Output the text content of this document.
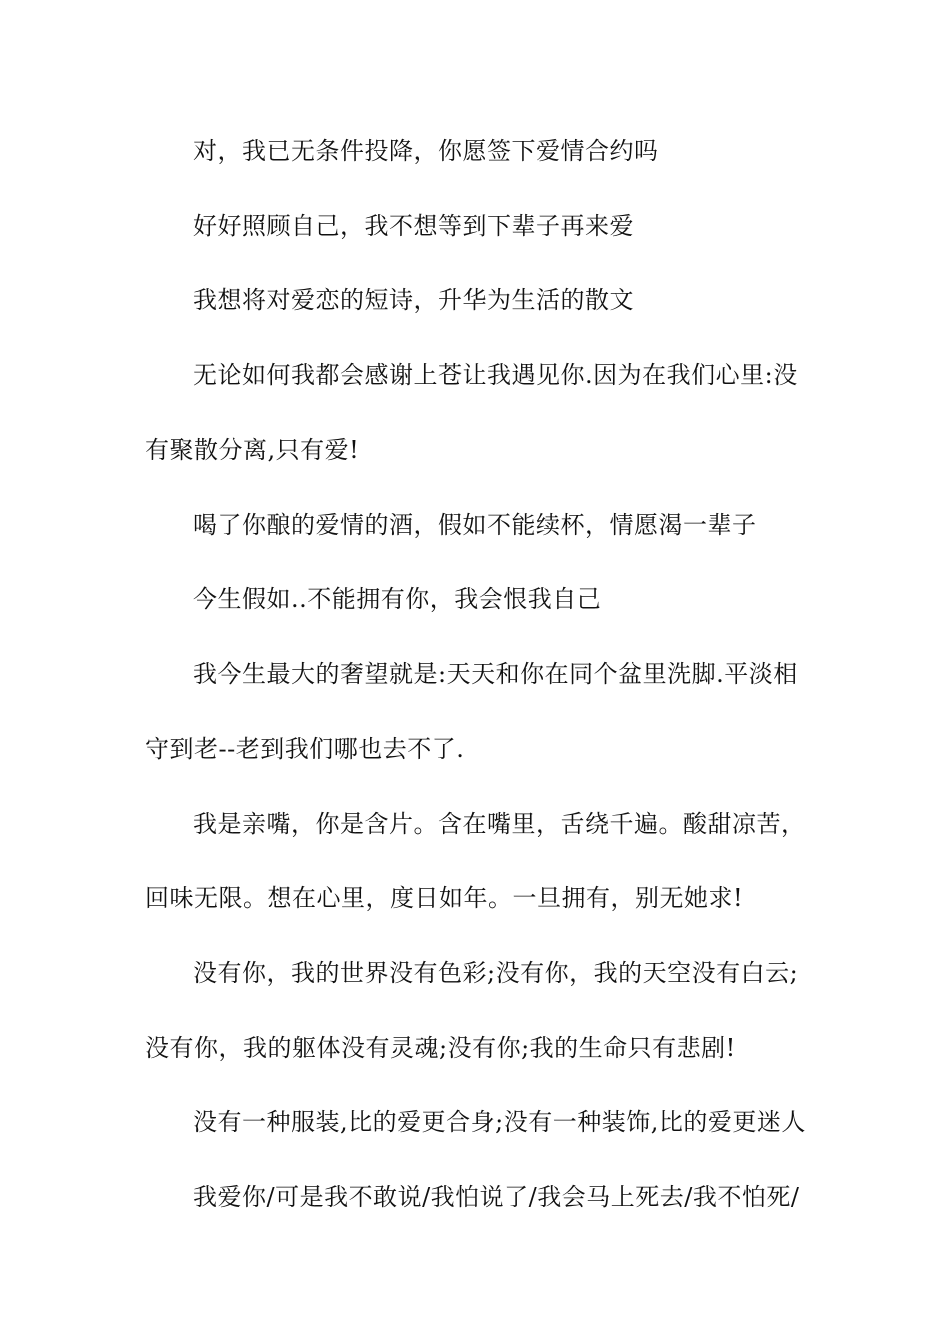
对，我已无条件投降，你愿签下爱情合约吗
好好照顾自己，我不想等到下辈子再来爱
我想将对爱恋的短诗，升华为生活的散文
无论如何我都会感谢上苍让我遇见你.因为在我们心里:没
有聚散分离,只有爱!
喝了你酿的爱情的酒，假如不能续杯，情愿渴一辈子
今生假如..不能拥有你，我会恨我自己
我今生最大的奢望就是:天天和你在同个盆里洗脚.平淡相
守到老--老到我们哪也去不了.
我是亲嘴，你是含片。含在嘴里，舌绕千遍。酸甜凉苦，
回味无限。想在心里，度日如年。一旦拥有，别无她求!
没有你，我的世界没有色彩;没有你，我的天空没有白云;
没有你，我的躯体没有灵魂;没有你;我的生命只有悲剧!
没有一种服装,比的爱更合身;没有一种装饰,比的爱更迷人
我爱你/可是我不敢说/我怕说了/我会马上死去/我不怕死/
